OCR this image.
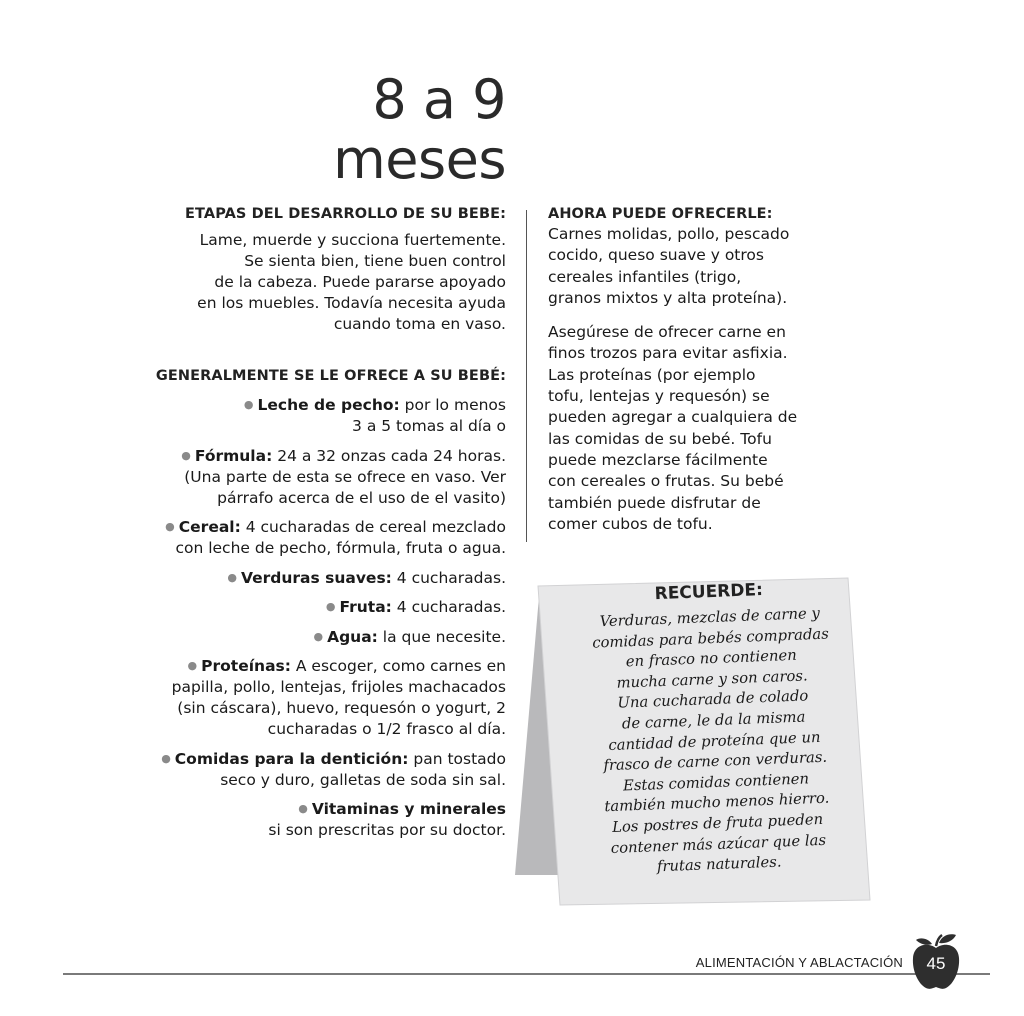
8 a 9
meses
ETAPAS DEL DESARROLLO DE SU BEBE:

Lame, muerde y succiona fuertemente.
Se sienta bien, tiene buen control
de la cabeza. Puede pararse apoyado
en los muebles. Todavía necesita ayuda
cuando toma en vaso.

GENERALMENTE SE LE OFRECE A SU BEBÉ:
● Leche de pecho: por lo menos
3 a 5 tomas al día o
● Fórmula: 24 a 32 onzas cada 24 horas.
(Una parte de esta se ofrece en vaso. Ver
párrafo acerca de el uso de el vasito)
● Cereal: 4 cucharadas de cereal mezclado
con leche de pecho, fórmula, fruta o agua.
● Verduras suaves: 4 cucharadas.
● Fruta: 4 cucharadas.
● Agua: la que necesite.
● Proteínas: A escoger, como carnes en
papilla, pollo, lentejas, frijoles machacados
(sin cáscara), huevo, requesón o yogurt, 2
cucharadas o 1/2 frasco al día.
● Comidas para la dentición: pan tostado
seco y duro, galletas de soda sin sal.
● Vitaminas y minerales
si son prescritas por su doctor.
AHORA PUEDE OFRECERLE:

Carnes molidas, pollo, pescado
cocido, queso suave y otros
cereales infantiles (trigo,
granos mixtos y alta proteína).

Asegúrese de ofrecer carne en
finos trozos para evitar asfixia.
Las proteínas (por ejemplo
tofu, lentejas y requesón) se
pueden agregar a cualquiera de
las comidas de su bebé. Tofu
puede mezclarse fácilmente
con cereales o frutas. Su bebé
también puede disfrutar de
comer cubos de tofu.

RECUERDE:
Verduras, mezclas de carne y
comidas para bebés compradas
en frasco no contienen
mucha carne y son caros.
Una cucharada de colado
de carne, le da la misma
cantidad de proteína que un
frasco de carne con verduras.
Estas comidas contienen
también mucho menos hierro.
Los postres de fruta pueden
contener más azúcar que las
frutas naturales.
ALIMENTACIÓN Y ABLACTACIÓN	45
